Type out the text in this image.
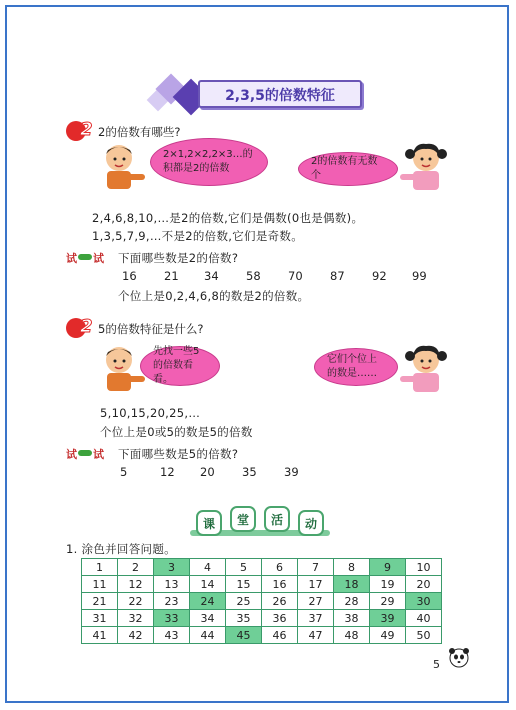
2,3,5的倍数特征
2 2的倍数有哪些?
2×1,2×2,2×3…的积都是2的倍数
2的倍数有无数个
2,4,6,8,10,…是2的倍数,它们是偶数(0也是偶数)。
1,3,5,7,9,…不是2的倍数,它们是奇数。
试 试 下面哪些数是2的倍数?
16 21 34 58 70 87 92 99
个位上是0,2,4,6,8的数是2的倍数。
2 5的倍数特征是什么?
先找一些5的倍数看看。
它们个位上的数是……
5,10,15,20,25,…
个位上是0或5的数是5的倍数
试 试 下面哪些数是5的倍数?
5	12 20 35 39
课	堂	活	动
1. 涂色并回答问题。
1	2	3	4	5	6	7	8	9	10
11	12	13	14	15	16	17	18	19	20
21	22	23	24	25	26	27	28	29	30
31	32	33	34	35	36	37	38	39	40
41	42	43	44	45	46	47	48	49	50
5
